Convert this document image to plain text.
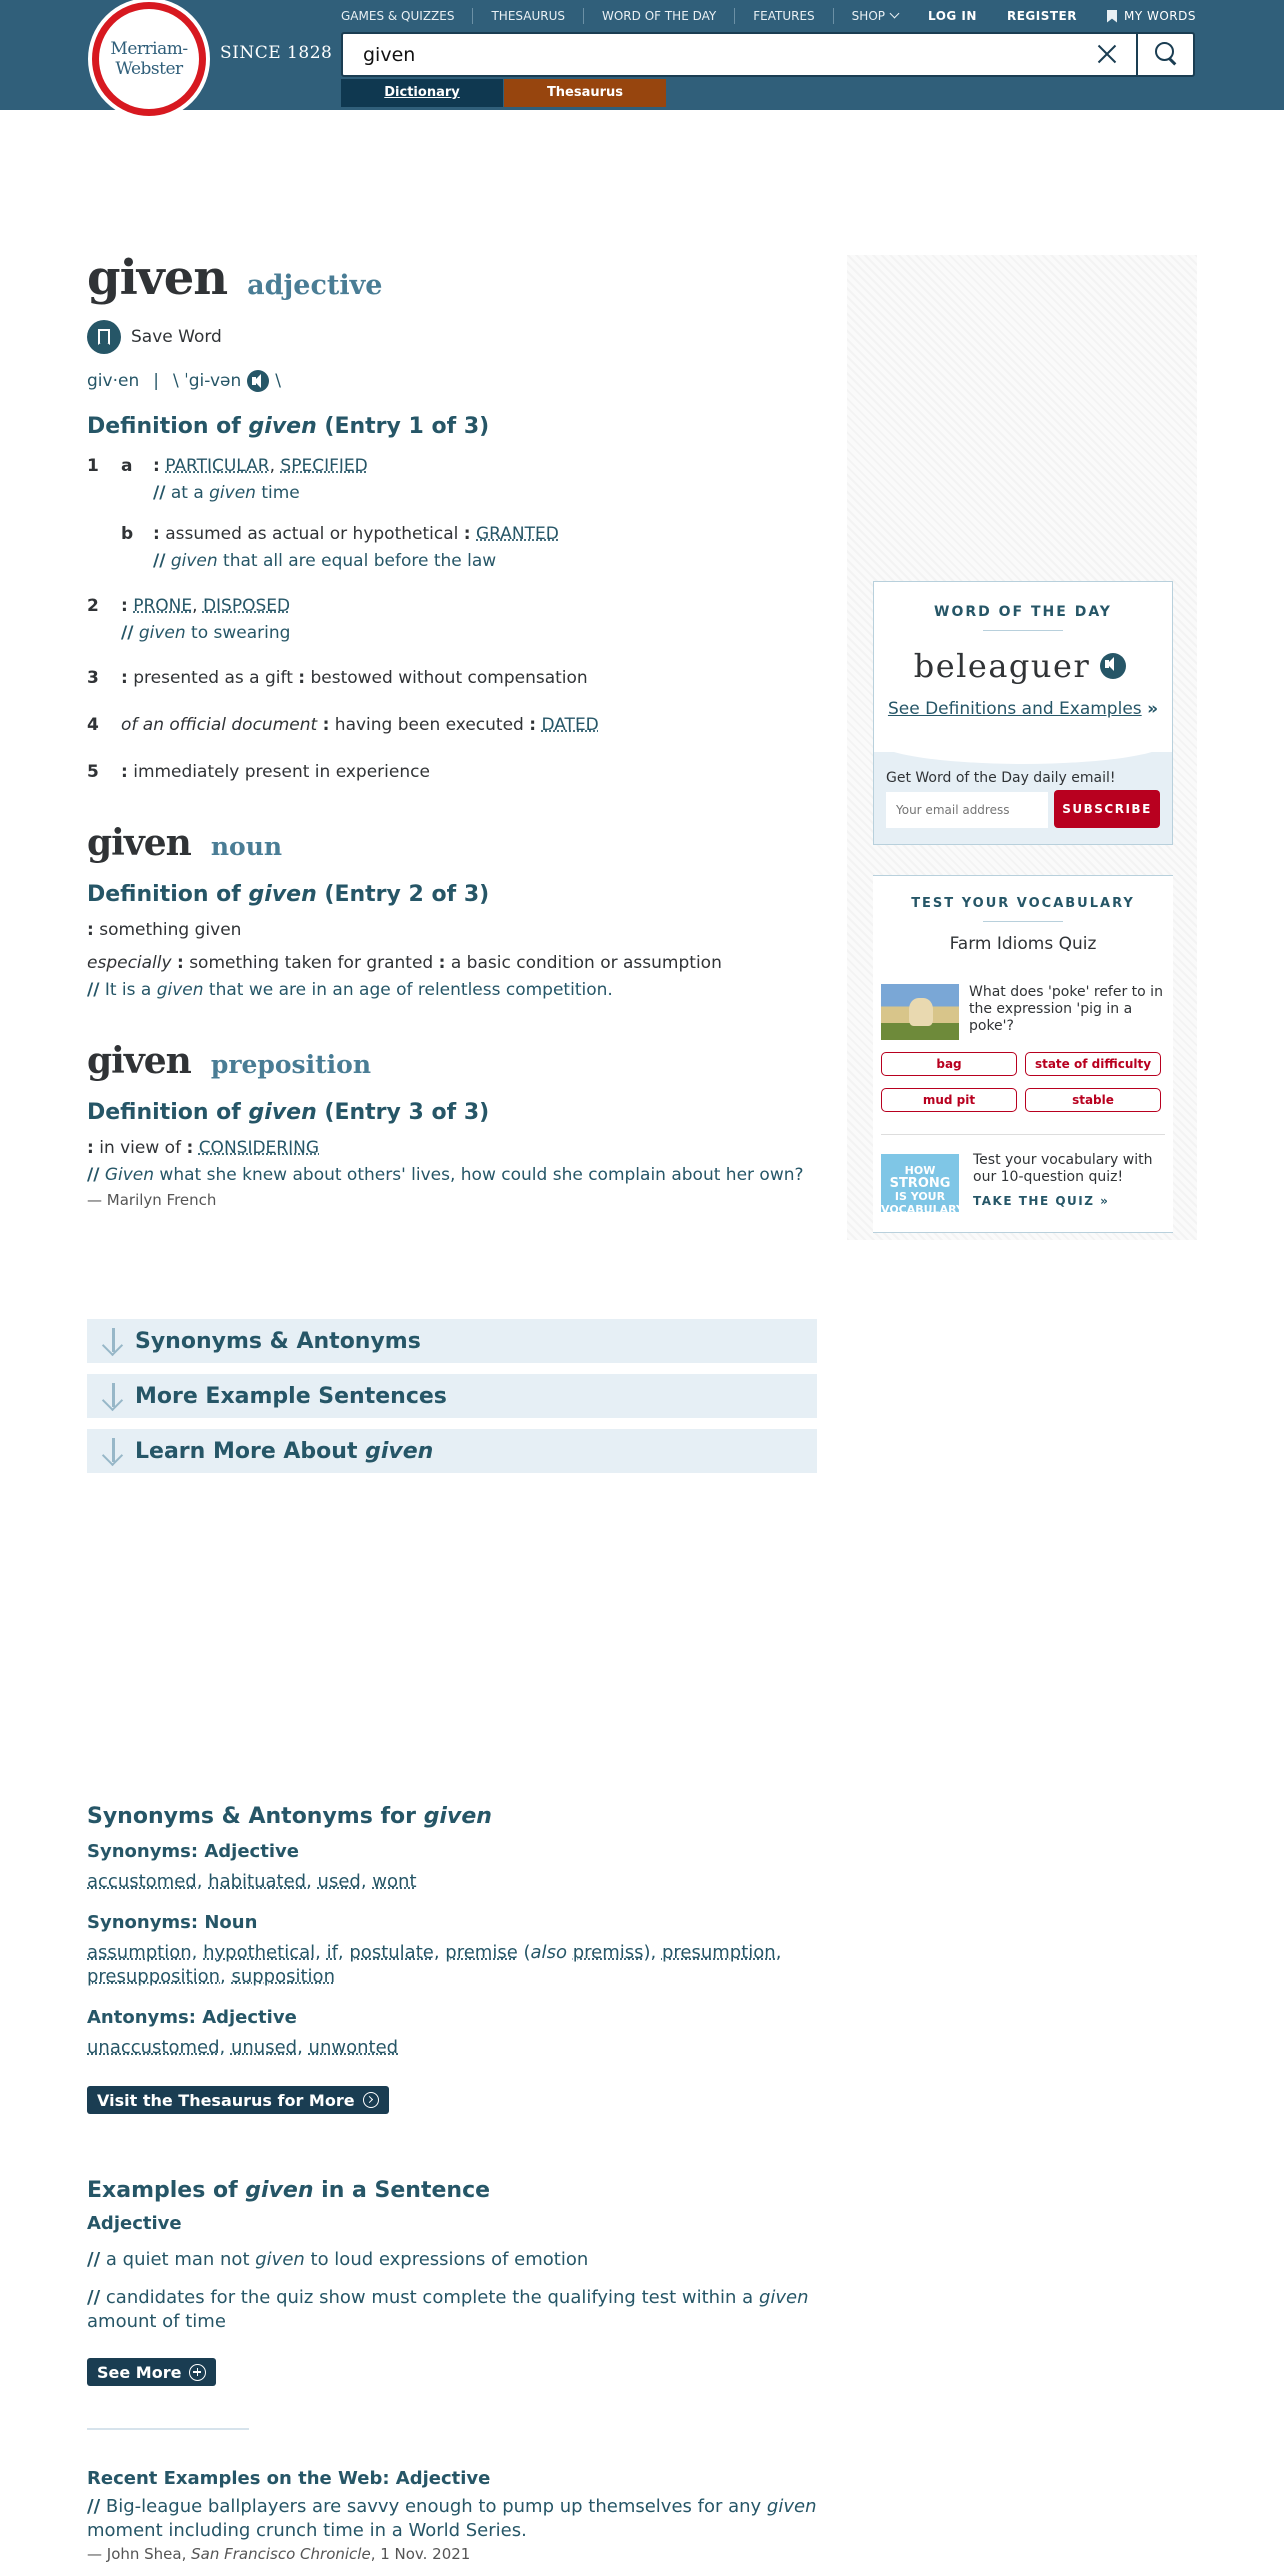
SINCE 1828
GAMES & QUIZZES	THESAURUS	WORD OF THE DAY	FEATURES	SHOP	LOG IN	REGISTER	MY WORDS
given
Dictionary	Thesaurus
Merriam-
Webster
given adjective
Save Word
giv·en | \ ˈgi-vən \
Definition of given (Entry 1 of 3)
1	a	: PARTICULAR, SPECIFIED
// at a given time
b	: assumed as actual or hypothetical : GRANTED
// given that all are equal before the law
2	: PRONE, DISPOSED
// given to swearing
3	: presented as a gift : bestowed without compensation
4	of an official document : having been executed : DATED
5	: immediately present in experience
given noun
Definition of given (Entry 2 of 3)
: something given
especially : something taken for granted : a basic condition or assumption
// It is a given that we are in an age of relentless competition.
given preposition
Definition of given (Entry 3 of 3)
: in view of : CONSIDERING
// Given what she knew about others' lives, how could she complain about her own?
— Marilyn French
Synonyms & Antonyms
More Example Sentences
Learn More About given
Synonyms & Antonyms for given
Synonyms: Adjective
accustomed, habituated, used, wont
Synonyms: Noun
assumption, hypothetical, if, postulate, premise (also premiss), presumption,
presupposition, supposition
Antonyms: Adjective
unaccustomed, unused, unwonted
Visit the Thesaurus for More
Examples of given in a Sentence
Adjective
// a quiet man not given to loud expressions of emotion
// candidates for the quiz show must complete the qualifying test within a given amount of time
See More
Recent Examples on the Web: Adjective
// Big-league ballplayers are savvy enough to pump up themselves for any given moment including crunch time in a World Series.
— John Shea, San Francisco Chronicle, 1 Nov. 2021
WORD OF THE DAY
beleaguer
See Definitions and Examples »
Get Word of the Day daily email!
Your email address
SUBSCRIBE
TEST YOUR VOCABULARY
Farm Idioms Quiz
What does 'poke' refer to in the expression 'pig in a poke'?
bag	state of difficulty
mud pit	stable
HOW
STRONG
IS YOUR VOCABULARY?
Test your vocabulary with our 10-question quiz!
TAKE THE QUIZ »
